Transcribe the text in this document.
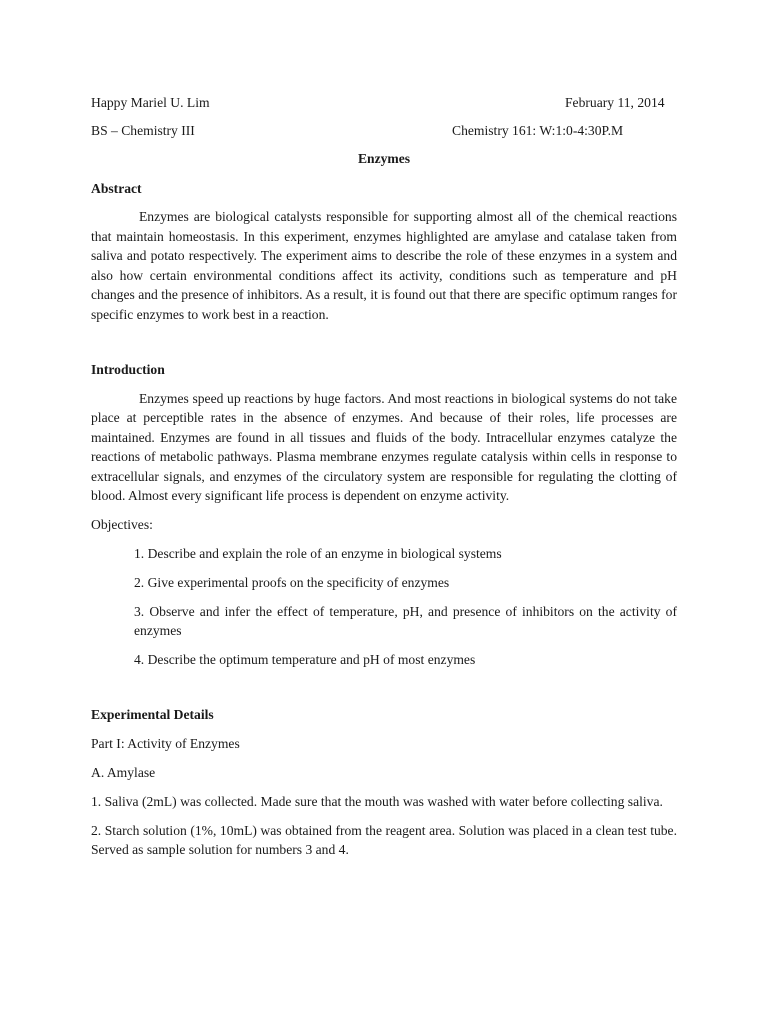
Happy Mariel U. Lim	February 11, 2014
BS – Chemistry III	Chemistry 161: W:1:0-4:30P.M
Enzymes
Abstract

Enzymes are biological catalysts responsible for supporting almost all of the chemical reactions that maintain homeostasis. In this experiment, enzymes highlighted are amylase and catalase taken from saliva and potato respectively. The experiment aims to describe the role of these enzymes in a system and also how certain environmental conditions affect its activity, conditions such as temperature and pH changes and the presence of inhibitors. As a result, it is found out that there are specific optimum ranges for specific enzymes to work best in a reaction.

Introduction

Enzymes speed up reactions by huge factors. And most reactions in biological systems do not take place at perceptible rates in the absence of enzymes. And because of their roles, life processes are maintained. Enzymes are found in all tissues and fluids of the body. Intracellular enzymes catalyze the reactions of metabolic pathways. Plasma membrane enzymes regulate catalysis within cells in response to extracellular signals, and enzymes of the circulatory system are responsible for regulating the clotting of blood. Almost every significant life process is dependent on enzyme activity.

Objectives:
1. Describe and explain the role of an enzyme in biological systems
2. Give experimental proofs on the specificity of enzymes
3. Observe and infer the effect of temperature, pH, and presence of inhibitors on the activity of enzymes
4. Describe the optimum temperature and pH of most enzymes
Experimental Details
Part I: Activity of Enzymes
A. Amylase

1. Saliva (2mL) was collected. Made sure that the mouth was washed with water before collecting saliva.

2. Starch solution (1%, 10mL) was obtained from the reagent area. Solution was placed in a clean test tube. Served as sample solution for numbers 3 and 4.
